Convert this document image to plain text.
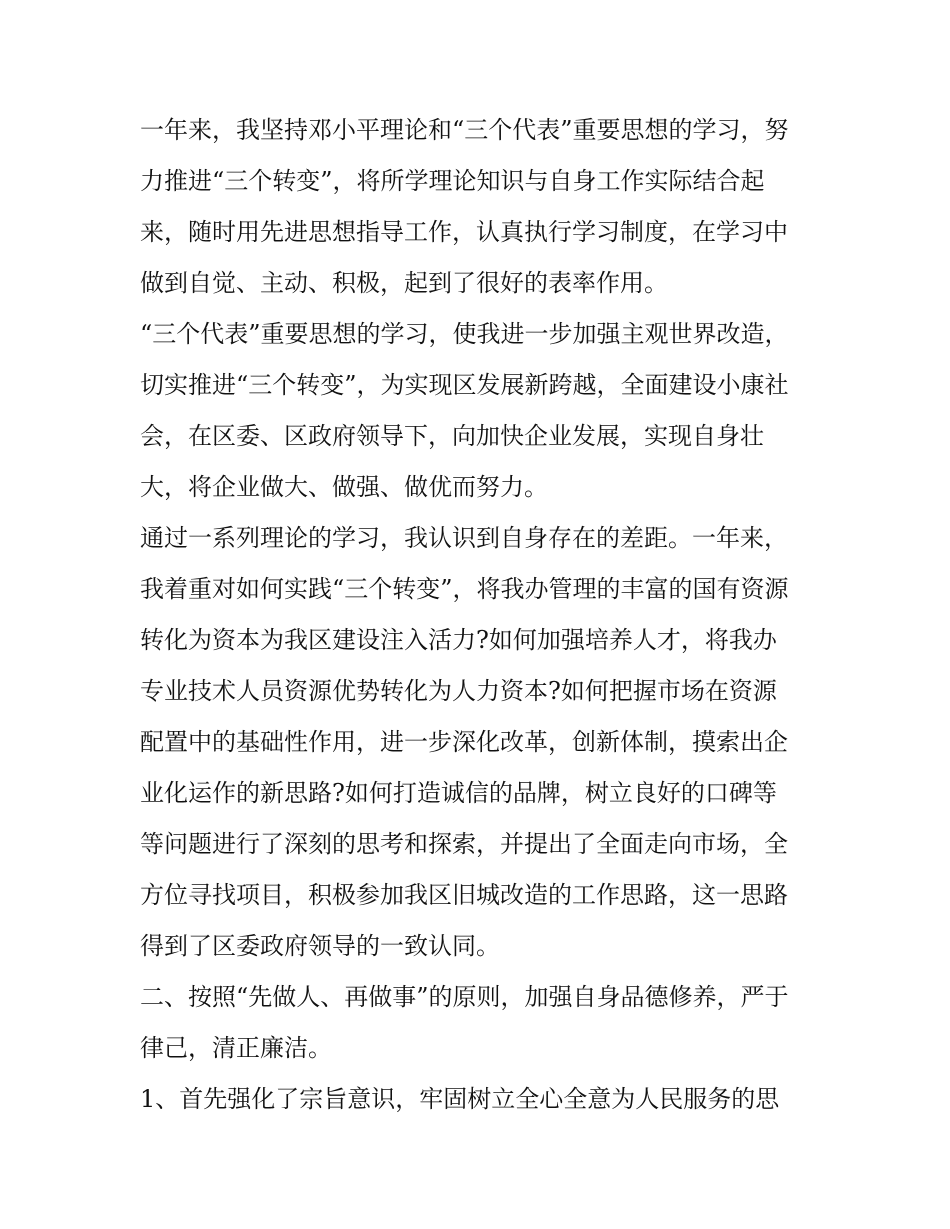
一年来，我坚持邓小平理论和“三个代表”重要思想的学习，努
力推进“三个转变”，将所学理论知识与自身工作实际结合起
来，随时用先进思想指导工作，认真执行学习制度，在学习中
做到自觉、主动、积极，起到了很好的表率作用。
“三个代表”重要思想的学习，使我进一步加强主观世界改造，
切实推进“三个转变”，为实现区发展新跨越，全面建设小康社
会，在区委、区政府领导下，向加快企业发展，实现自身壮
大，将企业做大、做强、做优而努力。
通过一系列理论的学习，我认识到自身存在的差距。一年来，
我着重对如何实践“三个转变”，将我办管理的丰富的国有资源
转化为资本为我区建设注入活力?如何加强培养人才，将我办
专业技术人员资源优势转化为人力资本?如何把握市场在资源
配置中的基础性作用，进一步深化改革，创新体制，摸索出企
业化运作的新思路?如何打造诚信的品牌，树立良好的口碑等
等问题进行了深刻的思考和探索，并提出了全面走向市场，全
方位寻找项目，积极参加我区旧城改造的工作思路，这一思路
得到了区委政府领导的一致认同。
二、按照“先做人、再做事”的原则，加强自身品德修养，严于
律己，清正廉洁。
1、首先强化了宗旨意识，牢固树立全心全意为人民服务的思
